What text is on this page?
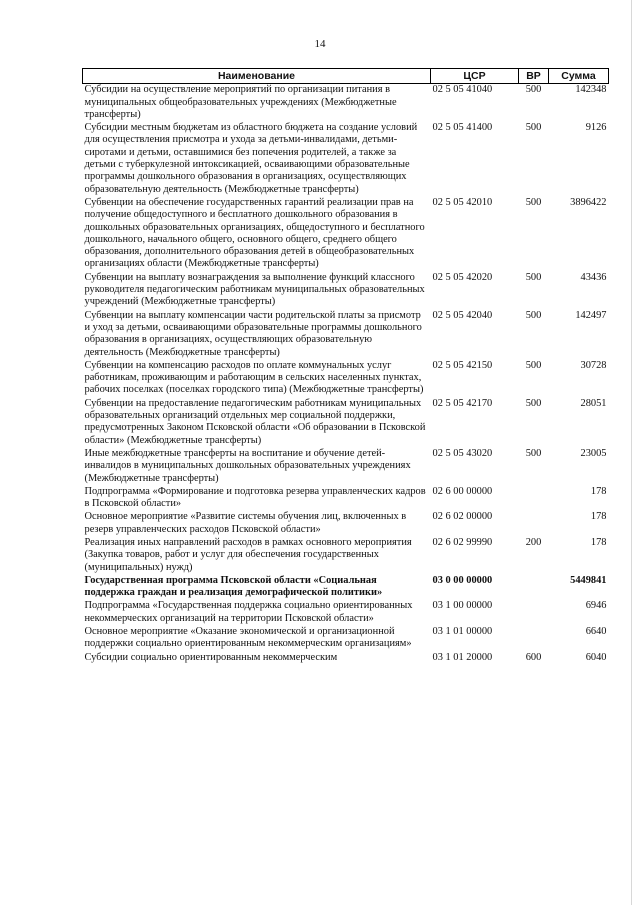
14
Наименование	ЦСР	ВР	Сумма
Субсидии на осуществление мероприятий по организации питания в муниципальных общеобразовательных учреждениях (Межбюджетные трансферты)	02 5 05 41040	500	142348
Субсидии местным бюджетам из областного бюджета на создание условий для осуществления присмотра и ухода за детьми-инвалидами, детьми-сиротами и детьми, оставшимися без попечения родителей, а также за детьми с туберкулезной интоксикацией, осваивающими образовательные программы дошкольного образования в организациях, осуществляющих образовательную деятельность (Межбюджетные трансферты)	02 5 05 41400	500	9126
Субвенции на обеспечение государственных гарантий реализации прав на получение общедоступного и бесплатного дошкольного образования в дошкольных образовательных организациях, общедоступного и бесплатного дошкольного, начального общего, основного общего, среднего общего образования, дополнительного образования детей в общеобразовательных организациях области (Межбюджетные трансферты)	02 5 05 42010	500	3896422
Субвенции на выплату вознаграждения за выполнение функций классного руководителя педагогическим работникам муниципальных образовательных учреждений (Межбюджетные трансферты)	02 5 05 42020	500	43436
Субвенции на выплату компенсации части родительской платы за присмотр и уход за детьми, осваивающими образовательные программы дошкольного образования в организациях, осуществляющих образовательную деятельность (Межбюджетные трансферты)	02 5 05 42040	500	142497
Субвенции на компенсацию расходов по оплате коммунальных услуг работникам, проживающим и работающим в сельских населенных пунктах, рабочих поселках (поселках городского типа) (Межбюджетные трансферты)	02 5 05 42150	500	30728
Субвенции на предоставление педагогическим работникам муниципальных образовательных организаций отдельных мер социальной поддержки, предусмотренных Законом Псковской области «Об образовании в Псковской области» (Межбюджетные трансферты)	02 5 05 42170	500	28051
Иные межбюджетные трансферты на воспитание и обучение детей-инвалидов в муниципальных дошкольных образовательных учреждениях (Межбюджетные трансферты)	02 5 05 43020	500	23005
Подпрограмма «Формирование и подготовка резерва управленческих кадров в Псковской области»	02 6 00 00000		178
Основное мероприятие «Развитие системы обучения лиц, включенных в резерв управленческих расходов Псковской области»	02 6 02 00000		178
Реализация иных направлений расходов в рамках основного мероприятия (Закупка товаров, работ и услуг для обеспечения государственных (муниципальных) нужд)	02 6 02 99990	200	178
Государственная программа Псковской области «Социальная поддержка граждан и реализация демографической политики»	03 0 00 00000		5449841
Подпрограмма «Государственная поддержка социально ориентированных некоммерческих организаций на территории Псковской области»	03 1 00 00000		6946
Основное мероприятие «Оказание экономической и организационной поддержки социально ориентированным некоммерческим организациям»	03 1 01 00000		6640
Субсидии социально ориентированным некоммерческим	03 1 01 20000	600	6040
